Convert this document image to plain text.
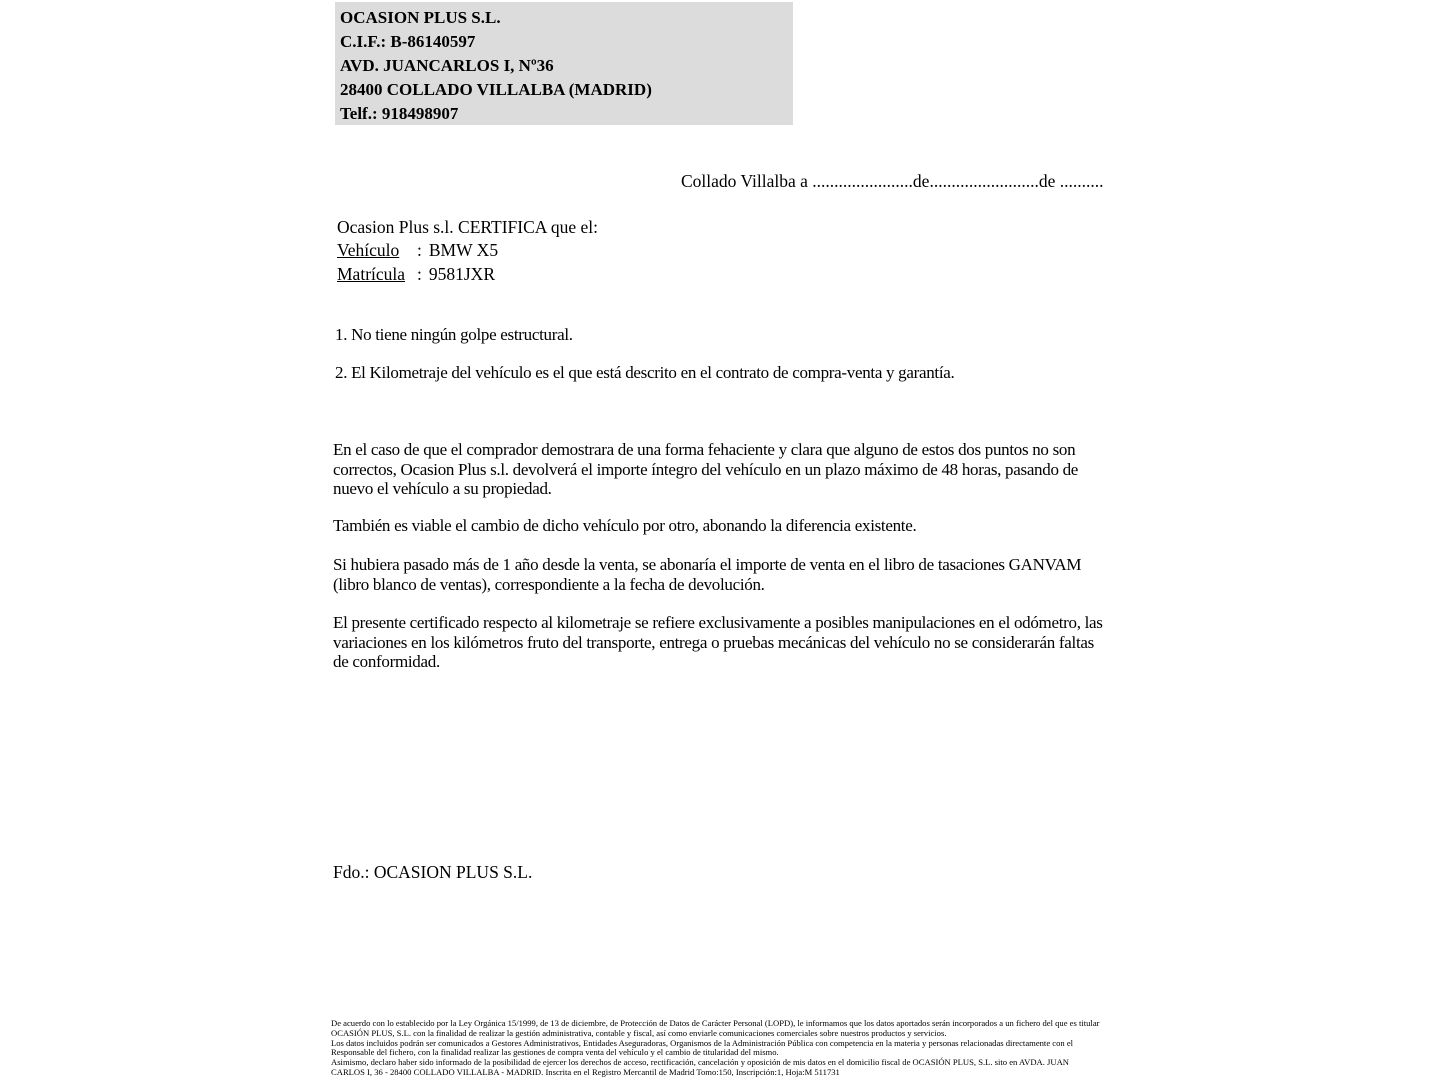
OCASION PLUS S.L.
C.I.F.: B-86140597
AVD. JUANCARLOS I, Nº36
28400 COLLADO VILLALBA (MADRID)
Telf.: 918498907
Collado Villalba a .......................de.........................de ..........
Ocasion Plus s.l. CERTIFICA que el:
Vehículo : BMW X5
Matrícula : 9581JXR
1. No tiene ningún golpe estructural.
2. El Kilometraje del vehículo es el que está descrito en el contrato de compra-venta y garantía.
En el caso de que el comprador demostrara de una forma fehaciente y clara que alguno de estos dos puntos no son correctos, Ocasion Plus s.l. devolverá el importe íntegro del vehículo en un plazo máximo de 48 horas, pasando de nuevo el vehículo a su propiedad.
También es viable el cambio de dicho vehículo por otro, abonando la diferencia existente.
Si hubiera pasado más de 1 año desde la venta, se abonaría el importe de venta en el libro de tasaciones GANVAM (libro blanco de ventas), correspondiente a la fecha de devolución.
El presente certificado respecto al kilometraje se refiere exclusivamente a posibles manipulaciones en el odómetro, las variaciones en los kilómetros fruto del transporte, entrega o pruebas mecánicas del vehículo no se considerarán faltas de conformidad.
Fdo.: OCASION PLUS S.L.
De acuerdo con lo establecido por la Ley Orgánica 15/1999, de 13 de diciembre, de Protección de Datos de Carácter Personal (LOPD), le informamos que los datos aportados serán incorporados a un fichero del que es titular
OCASIÓN PLUS, S.L. con la finalidad de realizar la gestión administrativa, contable y fiscal, así como enviarle comunicaciones comerciales sobre nuestros productos y servicios.
Los datos incluidos podrán ser comunicados a Gestores Administrativos, Entidades Aseguradoras, Organismos de la Administración Pública con competencia en la materia y personas relacionadas directamente con el
Responsable del fichero, con la finalidad realizar las gestiones de compra venta del vehículo y el cambio de titularidad del mismo.
Asimismo, declaro haber sido informado de la posibilidad de ejercer los derechos de acceso, rectificación, cancelación y oposición de mis datos en el domicilio fiscal de OCASIÓN PLUS, S.L. sito en AVDA. JUAN
CARLOS I, 36 - 28400 COLLADO VILLALBA - MADRID. Inscrita en el Registro Mercantil de Madrid Tomo:150, Inscripción:1, Hoja:M 511731
